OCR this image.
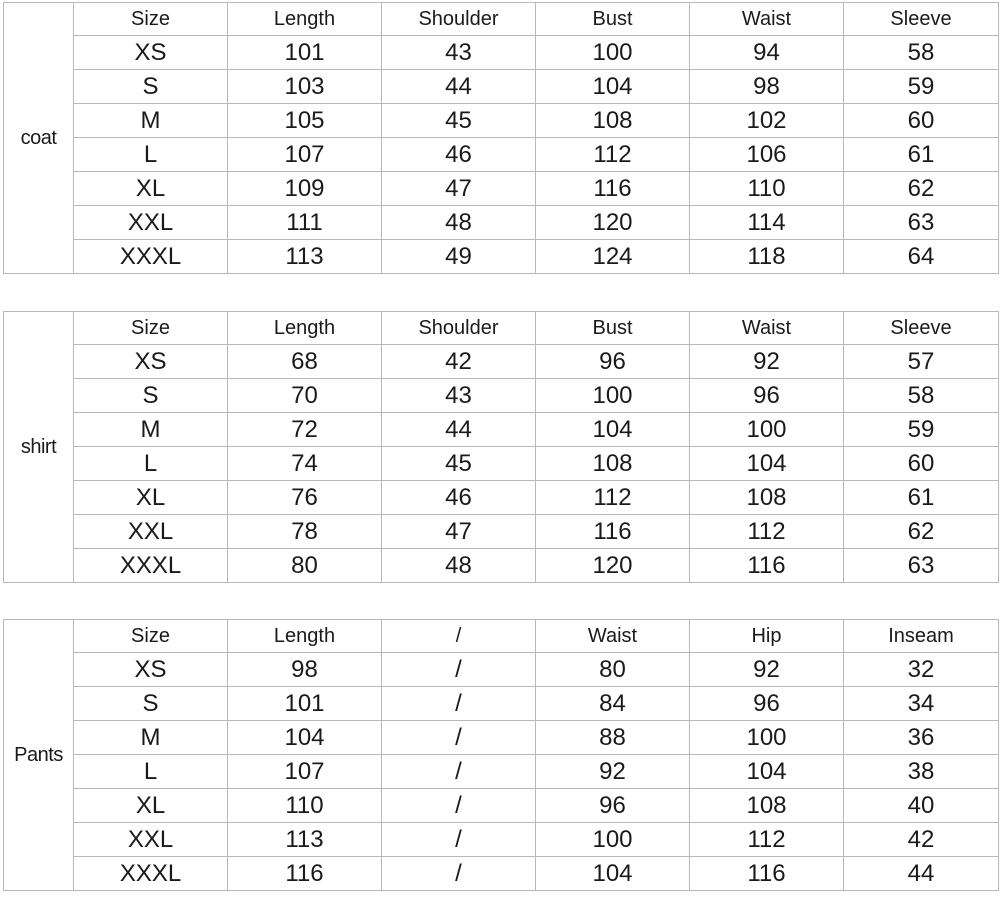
coat	Size	Length	Shoulder	Bust	Waist	Sleeve
	XS	101	43	100	94	58
	S	103	44	104	98	59
	M	105	45	108	102	60
	L	107	46	112	106	61
	XL	109	47	116	110	62
	XXL	111	48	120	114	63
	XXXL	113	49	124	118	64
shirt	Size	Length	Shoulder	Bust	Waist	Sleeve
	XS	68	42	96	92	57
	S	70	43	100	96	58
	M	72	44	104	100	59
	L	74	45	108	104	60
	XL	76	46	112	108	61
	XXL	78	47	116	112	62
	XXXL	80	48	120	116	63
Pants	Size	Length	/	Waist	Hip	Inseam
	XS	98	/	80	92	32
	S	101	/	84	96	34
	M	104	/	88	100	36
	L	107	/	92	104	38
	XL	110	/	96	108	40
	XXL	113	/	100	112	42
	XXXL	116	/	104	116	44
